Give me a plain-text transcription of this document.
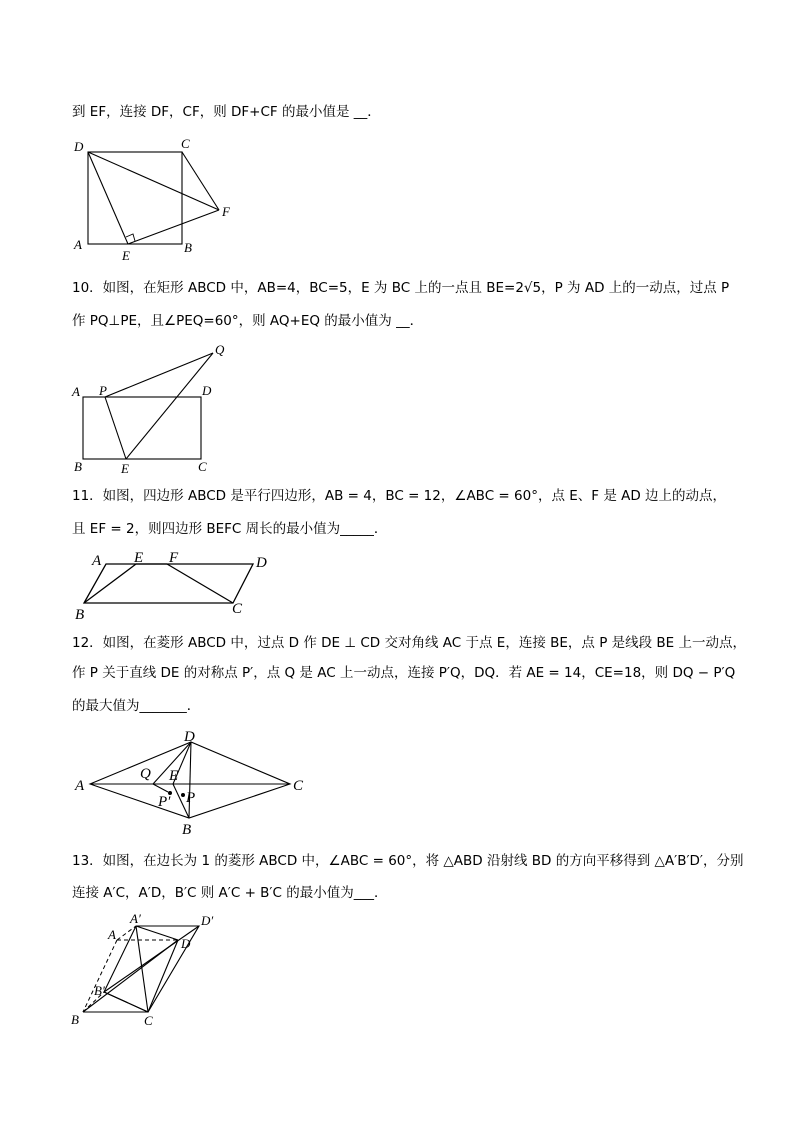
到 EF，连接 DF，CF，则 DF+CF 的最小值是 __．
D	C
F
A
E
B
10．如图，在矩形 ABCD 中，AB=4，BC=5，E 为 BC 上的一点且 BE=2√5，P 为 AD 上的一动点，过点 P
作 PQ⊥PE，且∠PEQ=60°，则 AQ+EQ 的最小值为 __．
Q
A P	D
B	E	C
11．如图，四边形 ABCD 是平行四边形，AB = 4，BC = 12，∠ABC = 60°，点 E、F 是 AD 边上的动点，
且 EF = 2，则四边形 BEFC 周长的最小值为_____．
A E F	D
B	C
12．如图，在菱形 ABCD 中，过点 D 作 DE ⊥ CD 交对角线 AC 于点 E，连接 BE，点 P 是线段 BE 上一动点，
作 P 关于直线 DE 的对称点 P′，点 Q 是 AC 上一动点，连接 P′Q，DQ．若 AE = 14，CE=18，则 DQ − P′Q
的最大值为_______．
D
A
Q E
C
P′ P
B
13．如图，在边长为 1 的菱形 ABCD 中，∠ABC = 60°，将 △ABD 沿射线 BD 的方向平移得到 △A′B′D′，分别
连接 A′C，A′D，B′C 则 A′C + B′C 的最小值为___．
A′	D′
A
D
B′
B	C
